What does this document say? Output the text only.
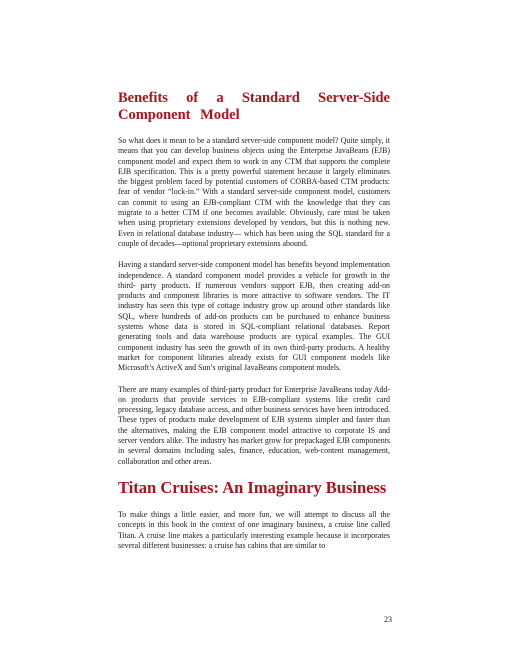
Benefits of a Standard Server-Side Component Model

So what does it mean to be a standard server-side component model? Quite simply, it means that you can develop business objects using the Enterprise JavaBeans (EJB) component model and expect them to work in any CTM that supports the complete EJB specification. This is a pretty powerful statement because it largely eliminates the biggest problem faced by potential customers of CORBA-based CTM products: fear of vendor “lock-in.” With a standard server-side component model, customers can commit to using an EJB-compliant CTM with the knowledge that they can migrate to a better CTM if one becomes available. Obviously, care must be taken when using proprietary extensions developed by vendors, but this is nothing new. Even in relational database industry— which has been using the SQL standard for a couple of decades—optional proprietary extensions abound.

Having a standard server-side component model has benefits beyond implementation independence. A standard component model provides a vehicle for growth in the third- party products. If numerous vendors support EJB, then creating add-on products and component libraries is more attractive to software vendors. The IT industry has seen this type of cottage industry grow up around other standards like SQL, where hundreds of add-on products can be purchased to enhance business systems whose data is stored in SQL-compliant relational databases. Report generating tools and data warehouse products are typical examples. The GUI component industry has seen the growth of its own third-party products. A healthy market for component libraries already exists for GUI component models like Microsoft’s ActiveX and Sun’s original JavaBeans component models.

There are many examples of third-party product for Enterprise JavaBeans today Add-on products that provide services to EJB-compliant systems like credit card processing, legacy database access, and other business services have been introduced. These types of products make development of EJB systems simpler and faster than the alternatives, making the EJB component model attractive to corporate IS and server vendors alike. The industry has market grow for prepackaged EJB components in several domains including sales, finance, education, web-content management, collaboration and other areas.

Titan Cruises: An Imaginary Business

To make things a little easier, and more fun, we will attempt to discuss all the concepts in this book in the context of one imaginary business, a cruise line called Titan. A cruise line makes a particularly interesting example because it incorporates several different businesses: a cruise has cabins that are similar to

23
